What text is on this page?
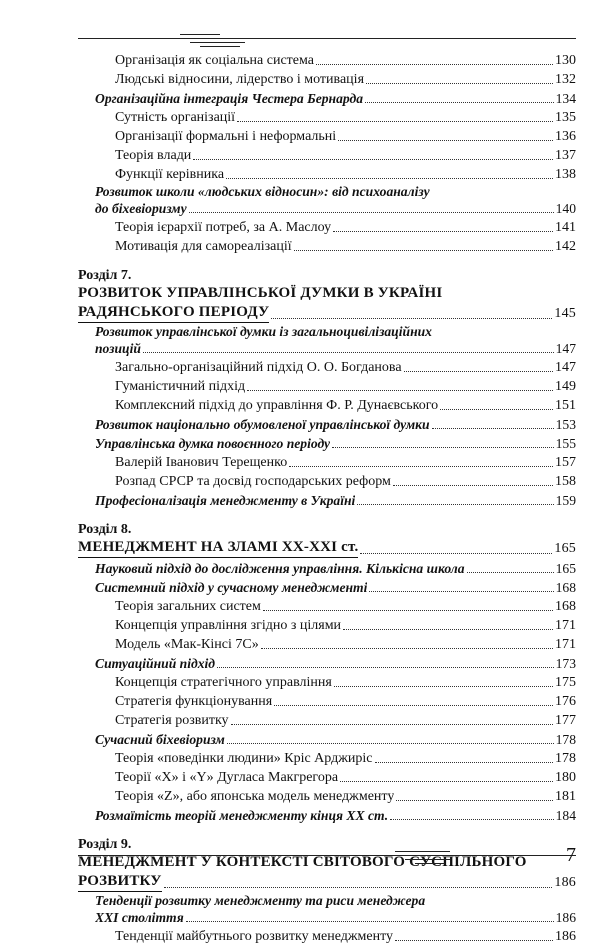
Організація як соціальна система	130
Людські відносини, лідерство і мотивація	132
Організаційна інтеграція Честера Бернарда	134
Сутність організації	135
Організації формальні і неформальні	136
Теорія влади	137
Функції керівника	138
Розвиток школи «людських відносин»: від психоаналізу
до біхевіоризму	140
Теорія ієрархії потреб, за А. Маслоу	141
Мотивація для самореалізації	142
Розділ 7.
РОЗВИТОК УПРАВЛІНСЬКОЇ ДУМКИ В УКРАЇНІ
РАДЯНСЬКОГО ПЕРІОДУ	145
Розвиток управлінської думки із загальноцивілізаційних
позицій	147
Загально-організаційний підхід О. О. Богданова	147
Гуманістичний підхід	149
Комплексний підхід до управління Ф. Р. Дунаєвського	151
Розвиток національно обумовленої управлінської думки	153
Управлінська думка повоєнного періоду	155
Валерій Іванович Терещенко	157
Розпад СРСР та досвід господарських реформ	158
Професіоналізація менеджменту в Україні	159
Розділ 8.
МЕНЕДЖМЕНТ НА ЗЛАМІ ХХ-ХХІ ст.	165
Науковий підхід до дослідження управління. Кількісна школа	165
Системний підхід у сучасному менеджменті	168
Теорія загальних систем	168
Концепція управління згідно з цілями	171
Модель «Мак-Кінсі 7С»	171
Ситуаційний підхід	173
Концепція стратегічного управління	175
Стратегія функціонування	176
Стратегія розвитку	177
Сучасний біхевіоризм	178
Теорія «поведінки людини» Кріс Арджиріс	178
Теорії «Х» і «Y» Дугласа Макгрегора	180
Теорія «Z», або японська модель менеджменту	181
Розмаїтість теорій менеджменту кінця ХХ ст.	184
Розділ 9.
МЕНЕДЖМЕНТ У КОНТЕКСТІ СВІТОВОГО СУСПІЛЬНОГО
РОЗВИТКУ	186
Тенденції розвитку менеджменту та риси менеджера
ХХІ століття	186
Тенденції майбутнього розвитку менеджменту	186
7
